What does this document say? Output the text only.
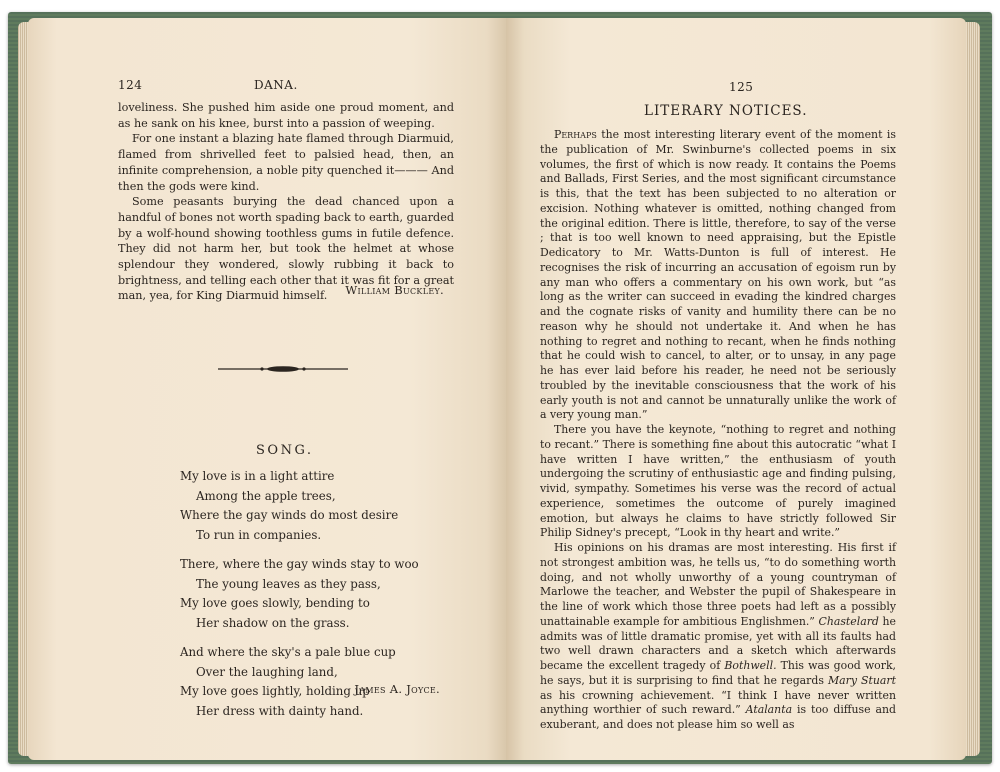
124	DANA.

loveliness. She pushed him aside one proud moment, and as he sank on his knee, burst into a passion of weeping.

For one instant a blazing hate flamed through Diarmuid, flamed from shrivelled feet to palsied head, then, an infinite comprehension, a noble pity quenched it——— And then the gods were kind.

Some peasants burying the dead chanced upon a handful of bones not worth spading back to earth, guarded by a wolf-hound showing toothless gums in futile defence. They did not harm her, but took the helmet at whose splendour they wondered, slowly rubbing it back to brightness, and telling each other that it was fit for a great man, yea, for King Diarmuid himself.	William Buckley.
SONG.
My love is in a light attire
Among the apple trees,
Where the gay winds do most desire
To run in companies.
There, where the gay winds stay to woo
The young leaves as they pass,
My love goes slowly, bending to
Her shadow on the grass.
And where the sky's a pale blue cup
Over the laughing land,
My love goes lightly, holding up
Her dress with dainty hand.
James A. Joyce.
125
LITERARY NOTICES.

Perhaps the most interesting literary event of the moment is the publication of Mr. Swinburne's collected poems in six volumes, the first of which is now ready. It contains the Poems and Ballads, First Series, and the most significant circumstance is this, that the text has been subjected to no alteration or excision. Nothing whatever is omitted, nothing changed from the original edition. There is little, therefore, to say of the verse ; that is too well known to need appraising, but the Epistle Dedicatory to Mr. Watts-Dunton is full of interest. He recognises the risk of incurring an accusation of egoism run by any man who offers a commentary on his own work, but “as long as the writer can succeed in evading the kindred charges and the cognate risks of vanity and humility there can be no reason why he should not undertake it. And when he has nothing to regret and nothing to recant, when he finds nothing that he could wish to cancel, to alter, or to unsay, in any page he has ever laid before his reader, he need not be seriously troubled by the inevitable consciousness that the work of his early youth is not and cannot be unnaturally unlike the work of a very young man.”

There you have the keynote, “nothing to regret and nothing to recant.” There is something fine about this autocratic “what I have written I have written,” the enthusiasm of youth undergoing the scrutiny of enthusiastic age and finding pulsing, vivid, sympathy. Sometimes his verse was the record of actual experience, sometimes the outcome of purely imagined emotion, but always he claims to have strictly followed Sir Philip Sidney's precept, “Look in thy heart and write.”

His opinions on his dramas are most interesting. His first if not strongest ambition was, he tells us, “to do something worth doing, and not wholly unworthy of a young countryman of Marlowe the teacher, and Webster the pupil of Shakespeare in the line of work which those three poets had left as a possibly unattainable example for ambitious Englishmen.” Chastelard he admits was of little dramatic promise, yet with all its faults had two well drawn characters and a sketch which afterwards became the excellent tragedy of Bothwell. This was good work, he says, but it is surprising to find that he regards Mary Stuart as his crowning achievement. “I think I have never written anything worthier of such reward.” Atalanta is too diffuse and exuberant, and does not please him so well as
